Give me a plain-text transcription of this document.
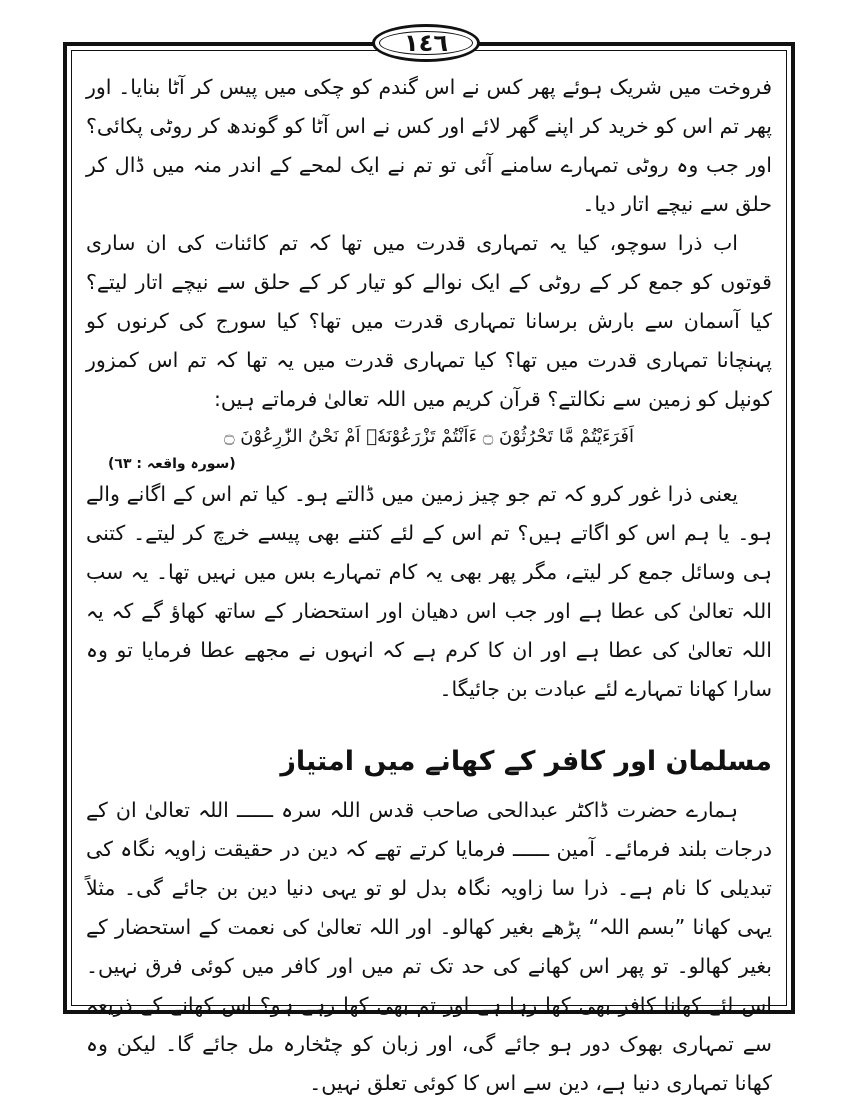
١٤٦

فروخت میں شریک ہوئے پھر کس نے اس گندم کو چکی میں پیس کر آٹا بنایا۔ اور پھر تم اس کو خرید کر اپنے گھر لائے اور کس نے اس آٹا کو گوندھ کر روٹی پکائی؟ اور جب وہ روٹی تمہارے سامنے آئی تو تم نے ایک لمحے کے اندر منہ میں ڈال کر حلق سے نیچے اتار دیا۔

اب ذرا سوچو، کیا یہ تمہاری قدرت میں تھا کہ تم کائنات کی ان ساری قوتوں کو جمع کر کے روٹی کے ایک نوالے کو تیار کر کے حلق سے نیچے اتار لیتے؟ کیا آسمان سے بارش برسانا تمہاری قدرت میں تھا؟ کیا سورج کی کرنوں کو پہنچانا تمہاری قدرت میں تھا؟ کیا تمہاری قدرت میں یہ تھا کہ تم اس کمزور کونپل کو زمین سے نکالتے؟ قرآن کریم میں اللہ تعالیٰ فرماتے ہیں:

اَفَرَءَيْتُمْ مَّا تَحْرُثُوْنَ ۝ ءَاَنْتُمْ تَزْرَعُوْنَهٗۤ اَمْ نَحْنُ الزّٰرِعُوْنَ ۝
(سورہ واقعہ : ٦٣)

یعنی ذرا غور کرو کہ تم جو چیز زمین میں ڈالتے ہو۔ کیا تم اس کے اگانے والے ہو۔ یا ہم اس کو اگاتے ہیں؟ تم اس کے لئے کتنے بھی پیسے خرچ کر لیتے۔ کتنی ہی وسائل جمع کر لیتے، مگر پھر بھی یہ کام تمہارے بس میں نہیں تھا۔ یہ سب اللہ تعالیٰ کی عطا ہے اور جب اس دھیان اور استحضار کے ساتھ کھاؤ گے کہ یہ اللہ تعالیٰ کی عطا ہے اور ان کا کرم ہے کہ انہوں نے مجھے عطا فرمایا تو وہ سارا کھانا تمہارے لئے عبادت بن جائیگا۔

مسلمان اور کافر کے کھانے میں امتیاز

ہمارے حضرت ڈاکٹر عبدالحی صاحب قدس اللہ سرہ ــــــ اللہ تعالیٰ ان کے درجات بلند فرمائے۔ آمین ــــــ فرمایا کرتے تھے کہ دین در حقیقت زاویہ نگاہ کی تبدیلی کا نام ہے۔ ذرا سا زاویہ نگاہ بدل لو تو یہی دنیا دین بن جائے گی۔ مثلاً یہی کھانا ”بسم اللہ“ پڑھے بغیر کھالو۔ اور اللہ تعالیٰ کی نعمت کے استحضار کے بغیر کھالو۔ تو پھر اس کھانے کی حد تک تم میں اور کافر میں کوئی فرق نہیں۔ اس لئے کھانا کافر بھی کھا رہا ہے اور تم بھی کھا رہے ہو؟ اس کھانے کے ذریعہ سے تمہاری بھوک دور ہو جائے گی، اور زبان کو چٹخارہ مل جائے گا۔ لیکن وہ کھانا تمہاری دنیا ہے، دین سے اس کا کوئی تعلق نہیں۔
